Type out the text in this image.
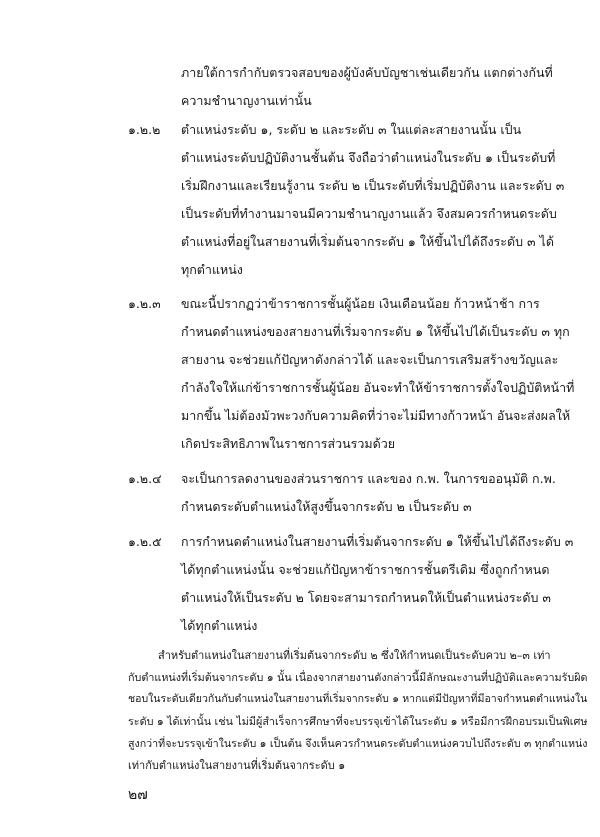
ภายใต้การกำกับตรวจสอบของผู้บังคับบัญชาเช่นเดียวกัน แตกต่างกันที่
ความชำนาญงานเท่านั้น
๑.๒.๒ ตำแหน่งระดับ ๑, ระดับ ๒ และระดับ ๓ ในแต่ละสายงานนั้น เป็น
ตำแหน่งระดับปฏิบัติงานชั้นต้น จึงถือว่าตำแหน่งในระดับ ๑ เป็นระดับที่
เริ่มฝึกงานและเรียนรู้งาน ระดับ ๒ เป็นระดับที่เริ่มปฏิบัติงาน และระดับ ๓
เป็นระดับที่ทำงานมาจนมีความชำนาญงานแล้ว จึงสมควรกำหนดระดับ
ตำแหน่งที่อยู่ในสายงานที่เริ่มต้นจากระดับ ๑ ให้ขึ้นไปได้ถึงระดับ ๓ ได้
ทุกตำแหน่ง
๑.๒.๓ ขณะนี้ปรากฏว่าข้าราชการชั้นผู้น้อย เงินเดือนน้อย ก้าวหน้าช้า การ
กำหนดตำแหน่งของสายงานที่เริ่มจากระดับ ๑ ให้ขึ้นไปได้เป็นระดับ ๓ ทุก
สายงาน จะช่วยแก้ปัญหาดังกล่าวได้ และจะเป็นการเสริมสร้างขวัญและ
กำลังใจให้แก่ข้าราชการชั้นผู้น้อย อันจะทำให้ข้าราชการตั้งใจปฏิบัติหน้าที่
มากขึ้น ไม่ต้องมัวพะวงกับความคิดที่ว่าจะไม่มีทางก้าวหน้า อันจะส่งผลให้
เกิดประสิทธิภาพในราชการส่วนรวมด้วย
๑.๒.๔ จะเป็นการลดงานของส่วนราชการ และของ ก.พ. ในการขออนุมัติ ก.พ.
กำหนดระดับตำแหน่งให้สูงขึ้นจากระดับ ๒ เป็นระดับ ๓
๑.๒.๕ การกำหนดตำแหน่งในสายงานที่เริ่มต้นจากระดับ ๑ ให้ขึ้นไปได้ถึงระดับ ๓
ได้ทุกตำแหน่งนั้น จะช่วยแก้ปัญหาข้าราชการชั้นตรีเดิม ซึ่งถูกกำหนด
ตำแหน่งให้เป็นระดับ ๒ โดยจะสามารถกำหนดให้เป็นตำแหน่งระดับ ๓
ได้ทุกตำแหน่ง
๒๗
สำหรับตำแหน่งในสายงานที่เริ่มต้นจากระดับ ๒ ซึ่งให้กำหนดเป็นระดับควบ ๒–๓ เท่า
กับตำแหน่งที่เริ่มต้นจากระดับ ๑ นั้น เนื่องจากสายงานดังกล่าวนี้มีลักษณะงานที่ปฏิบัติและความรับผิด
ชอบในระดับเดียวกันกับตำแหน่งในสายงานที่เริ่มจากระดับ ๑ หากแต่มีปัญหาที่มีอาจกำหนดตำแหน่งใน
ระดับ ๑ ได้เท่านั้น เช่น ไม่มีผู้สำเร็จการศึกษาที่จะบรรจุเข้าได้ในระดับ ๑ หรือมีการฝึกอบรมเป็นพิเศษ
สูงกว่าที่จะบรรจุเข้าในระดับ ๑ เป็นต้น จึงเห็นควรกำหนดระดับตำแหน่งควบไปถึงระดับ ๓ ทุกตำแหน่ง
เท่ากับตำแหน่งในสายงานที่เริ่มต้นจากระดับ ๑
